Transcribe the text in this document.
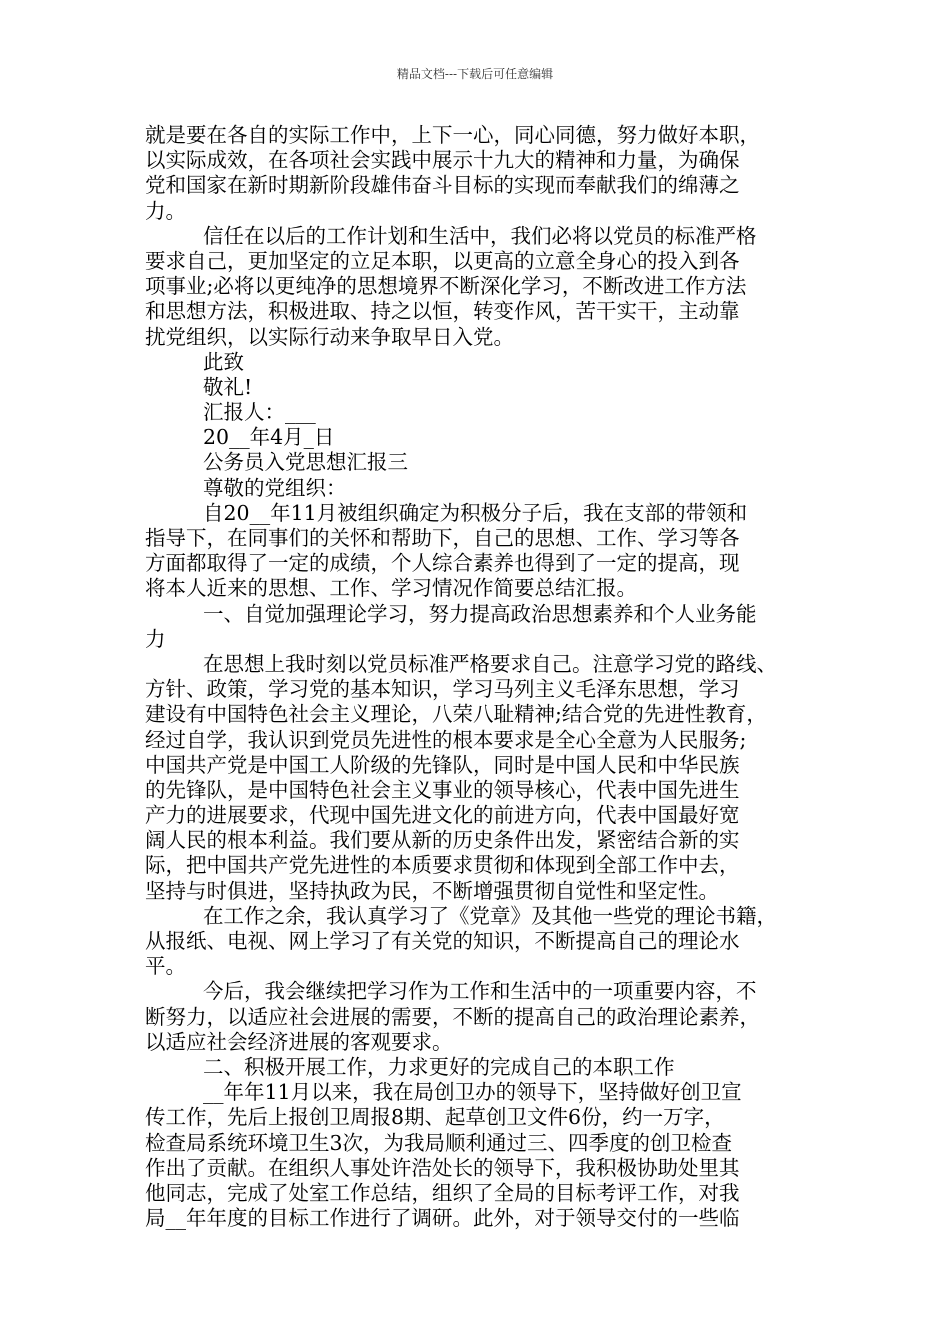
精品文档---下载后可任意编辑
就是要在各自的实际工作中，上下一心，同心同德，努力做好本职，
以实际成效，在各项社会实践中展示十九大的精神和力量，为确保
党和国家在新时期新阶段雄伟奋斗目标的实现而奉献我们的绵薄之
力。
信任在以后的工作计划和生活中，我们必将以党员的标准严格
要求自己，更加坚定的立足本职，以更高的立意全身心的投入到各
项事业;必将以更纯净的思想境界不断深化学习，不断改进工作方法
和思想方法，积极进取、持之以恒，转变作风，苦干实干，主动靠
扰党组织，以实际行动来争取早日入党。
此致
敬礼!
汇报人：___
20__年4月_日
公务员入党思想汇报三
尊敬的党组织：
自20__年11月被组织确定为积极分子后，我在支部的带领和
指导下，在同事们的关怀和帮助下，自己的思想、工作、学习等各
方面都取得了一定的成绩，个人综合素养也得到了一定的提高，现
将本人近来的思想、工作、学习情况作简要总结汇报。
一、自觉加强理论学习，努力提高政治思想素养和个人业务能
力
在思想上我时刻以党员标准严格要求自己。注意学习党的路线、
方针、政策，学习党的基本知识，学习马列主义毛泽东思想，学习
建设有中国特色社会主义理论，八荣八耻精神;结合党的先进性教育，
经过自学，我认识到党员先进性的根本要求是全心全意为人民服务;
中国共产党是中国工人阶级的先锋队，同时是中国人民和中华民族
的先锋队，是中国特色社会主义事业的领导核心，代表中国先进生
产力的进展要求，代现中国先进文化的前进方向，代表中国最好宽
阔人民的根本利益。我们要从新的历史条件出发，紧密结合新的实
际，把中国共产党先进性的本质要求贯彻和体现到全部工作中去，
坚持与时俱进，坚持执政为民，不断增强贯彻自觉性和坚定性。
在工作之余，我认真学习了《党章》及其他一些党的理论书籍，
从报纸、电视、网上学习了有关党的知识，不断提高自己的理论水
平。
今后，我会继续把学习作为工作和生活中的一项重要内容，不
断努力，以适应社会进展的需要，不断的提高自己的政治理论素养，
以适应社会经济进展的客观要求。
二、积极开展工作，力求更好的完成自己的本职工作
__年年11月以来，我在局创卫办的领导下，坚持做好创卫宣
传工作，先后上报创卫周报8期、起草创卫文件6份，约一万字，
检查局系统环境卫生3次，为我局顺利通过三、四季度的创卫检查
作出了贡献。在组织人事处许浩处长的领导下，我积极协助处里其
他同志，完成了处室工作总结，组织了全局的目标考评工作，对我
局__年年度的目标工作进行了调研。此外，对于领导交付的一些临
